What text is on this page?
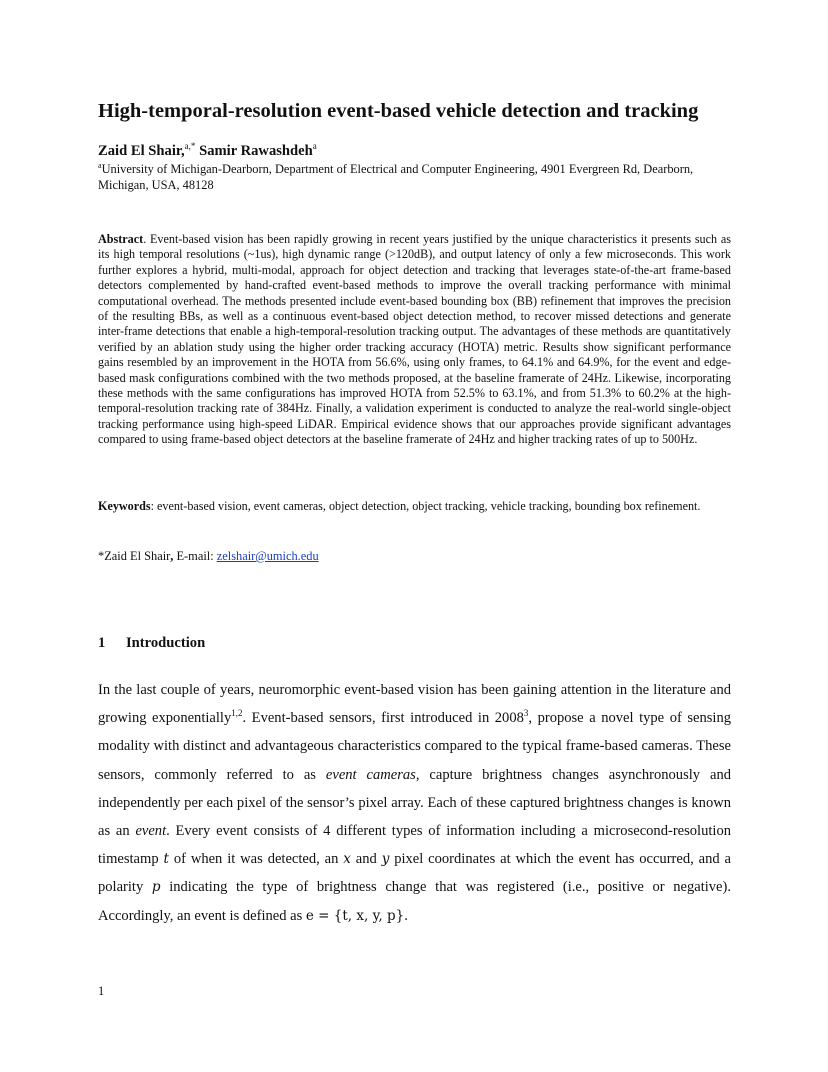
High-temporal-resolution event-based vehicle detection and tracking
Zaid El Shair,$^{a,*}$ Samir Rawashdeh$^a$
$^a$University of Michigan-Dearborn, Department of Electrical and Computer Engineering, 4901 Evergreen Rd, Dearborn, Michigan, USA, 48128
Abstract. Event-based vision has been rapidly growing in recent years justified by the unique characteristics it presents such as its high temporal resolutions (~1us), high dynamic range (>120dB), and output latency of only a few microseconds. This work further explores a hybrid, multi-modal, approach for object detection and tracking that leverages state-of-the-art frame-based detectors complemented by hand-crafted event-based methods to improve the overall tracking performance with minimal computational overhead. The methods presented include event-based bounding box (BB) refinement that improves the precision of the resulting BBs, as well as a continuous event-based object detection method, to recover missed detections and generate inter-frame detections that enable a high-temporal-resolution tracking output. The advantages of these methods are quantitatively verified by an ablation study using the higher order tracking accuracy (HOTA) metric. Results show significant performance gains resembled by an improvement in the HOTA from 56.6%, using only frames, to 64.1% and 64.9%, for the event and edge-based mask configurations combined with the two methods proposed, at the baseline framerate of 24Hz. Likewise, incorporating these methods with the same configurations has improved HOTA from 52.5% to 63.1%, and from 51.3% to 60.2% at the high-temporal-resolution tracking rate of 384Hz. Finally, a validation experiment is conducted to analyze the real-world single-object tracking performance using high-speed LiDAR. Empirical evidence shows that our approaches provide significant advantages compared to using frame-based object detectors at the baseline framerate of 24Hz and higher tracking rates of up to 500Hz.
Keywords: event-based vision, event cameras, object detection, object tracking, vehicle tracking, bounding box refinement.
*Zaid El Shair, E-mail: zelshair@umich.edu
1 Introduction
In the last couple of years, neuromorphic event-based vision has been gaining attention in the literature and growing exponentially$^{1,2}$. Event-based sensors, first introduced in 2008$^3$, propose a novel type of sensing modality with distinct and advantageous characteristics compared to the typical frame-based cameras. These sensors, commonly referred to as event cameras, capture brightness changes asynchronously and independently per each pixel of the sensor’s pixel array. Each of these captured brightness changes is known as an event. Every event consists of 4 different types of information including a microsecond-resolution timestamp t of when it was detected, an x and y pixel coordinates at which the event has occurred, and a polarity p indicating the type of brightness change that was registered (i.e., positive or negative). Accordingly, an event is defined as e = {t, x, y, p}.
1
